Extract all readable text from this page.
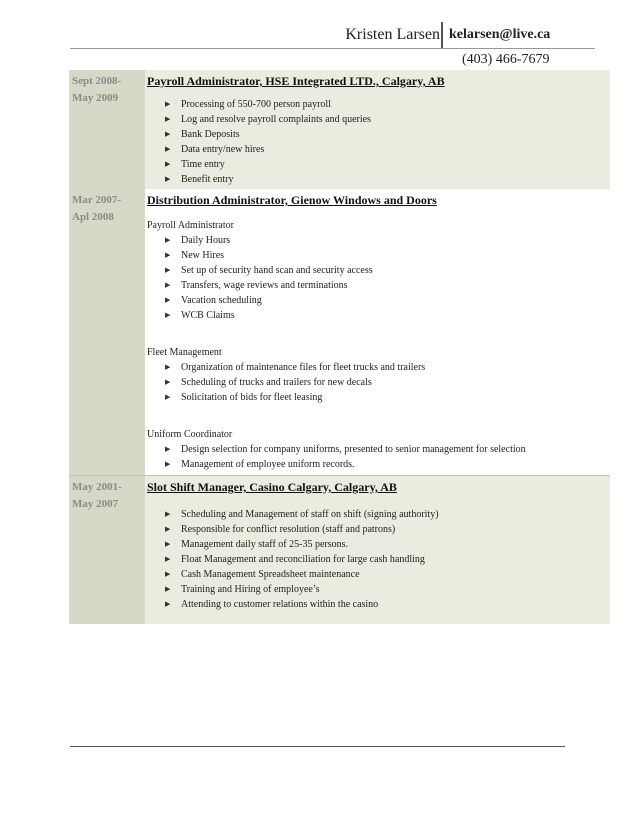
Kristen Larsen kelarsen@live.ca
(403) 466-7679
Sept 2008-
May 2009
Payroll Administrator, HSE Integrated LTD., Calgary, AB
▶ Processing of 550-700 person payroll
▶ Log and resolve payroll complaints and queries
▶ Bank Deposits
▶ Data entry/new hires
▶ Time entry
▶ Benefit entry
Mar 2007-
Apl 2008
Distribution Administrator, Gienow Windows and Doors
Payroll Administrator
▶ Daily Hours
▶ New Hires
▶ Set up of security hand scan and security access
▶ Transfers, wage reviews and terminations
▶ Vacation scheduling
▶ WCB Claims
Fleet Management
▶ Organization of maintenance files for fleet trucks and trailers
▶ Scheduling of trucks and trailers for new decals
▶ Solicitation of bids for fleet leasing
Uniform Coordinator
▶ Design selection for company uniforms, presented to senior management for selection
▶ Management of employee uniform records.
May 2001-
May 2007
Slot Shift Manager, Casino Calgary, Calgary, AB
▶ Scheduling and Management of staff on shift (signing authority)
▶ Responsible for conflict resolution (staff and patrons)
▶ Management daily staff of 25-35 persons.
▶ Float Management and reconciliation for large cash handling
▶ Cash Management Spreadsheet maintenance
▶ Training and Hiring of employee’s
▶ Attending to customer relations within the casino
